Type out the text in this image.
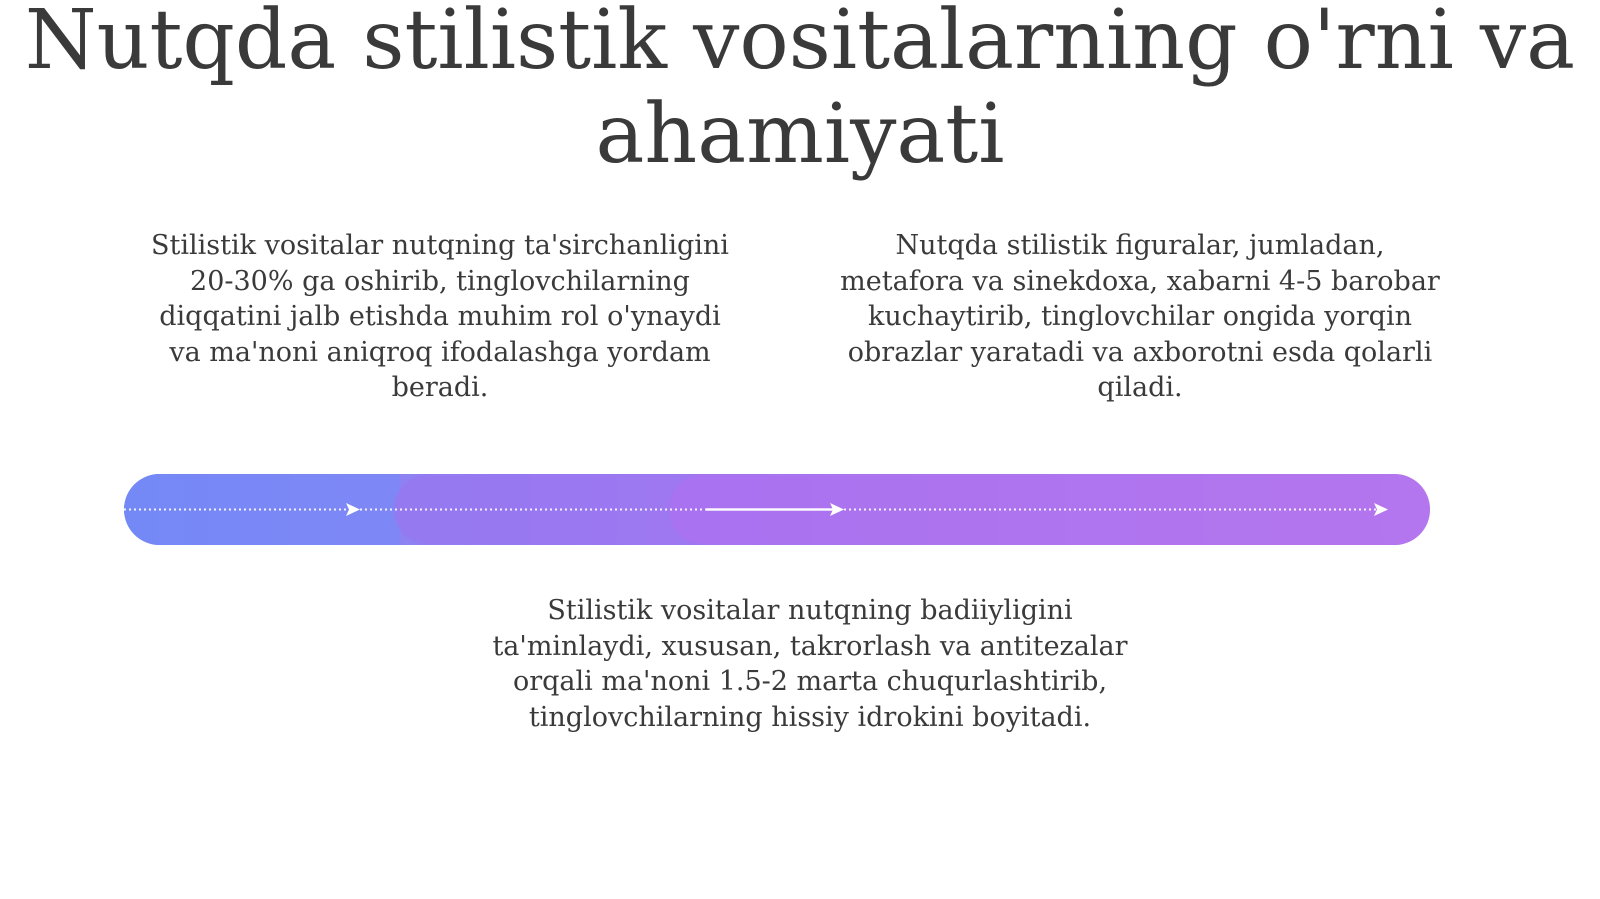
Nutqda stilistik vositalarning o'rni va ahamiyati

Stilistik vositalar nutqning ta'sirchanligini 20-30% ga oshirib, tinglovchilarning diqqatini jalb etishda muhim rol o'ynaydi va ma'noni aniqroq ifodalashga yordam beradi.

Nutqda stilistik figuralar, jumladan, metafora va sinekdoxa, xabarni 4-5 barobar kuchaytirib, tinglovchilar ongida yorqin obrazlar yaratadi va axborotni esda qolarli qiladi.

Stilistik vositalar nutqning badiiyligini ta'minlaydi, xususan, takrorlash va antitezalar orqali ma'noni 1.5-2 marta chuqurlashtirib, tinglovchilarning hissiy idrokini boyitadi.
